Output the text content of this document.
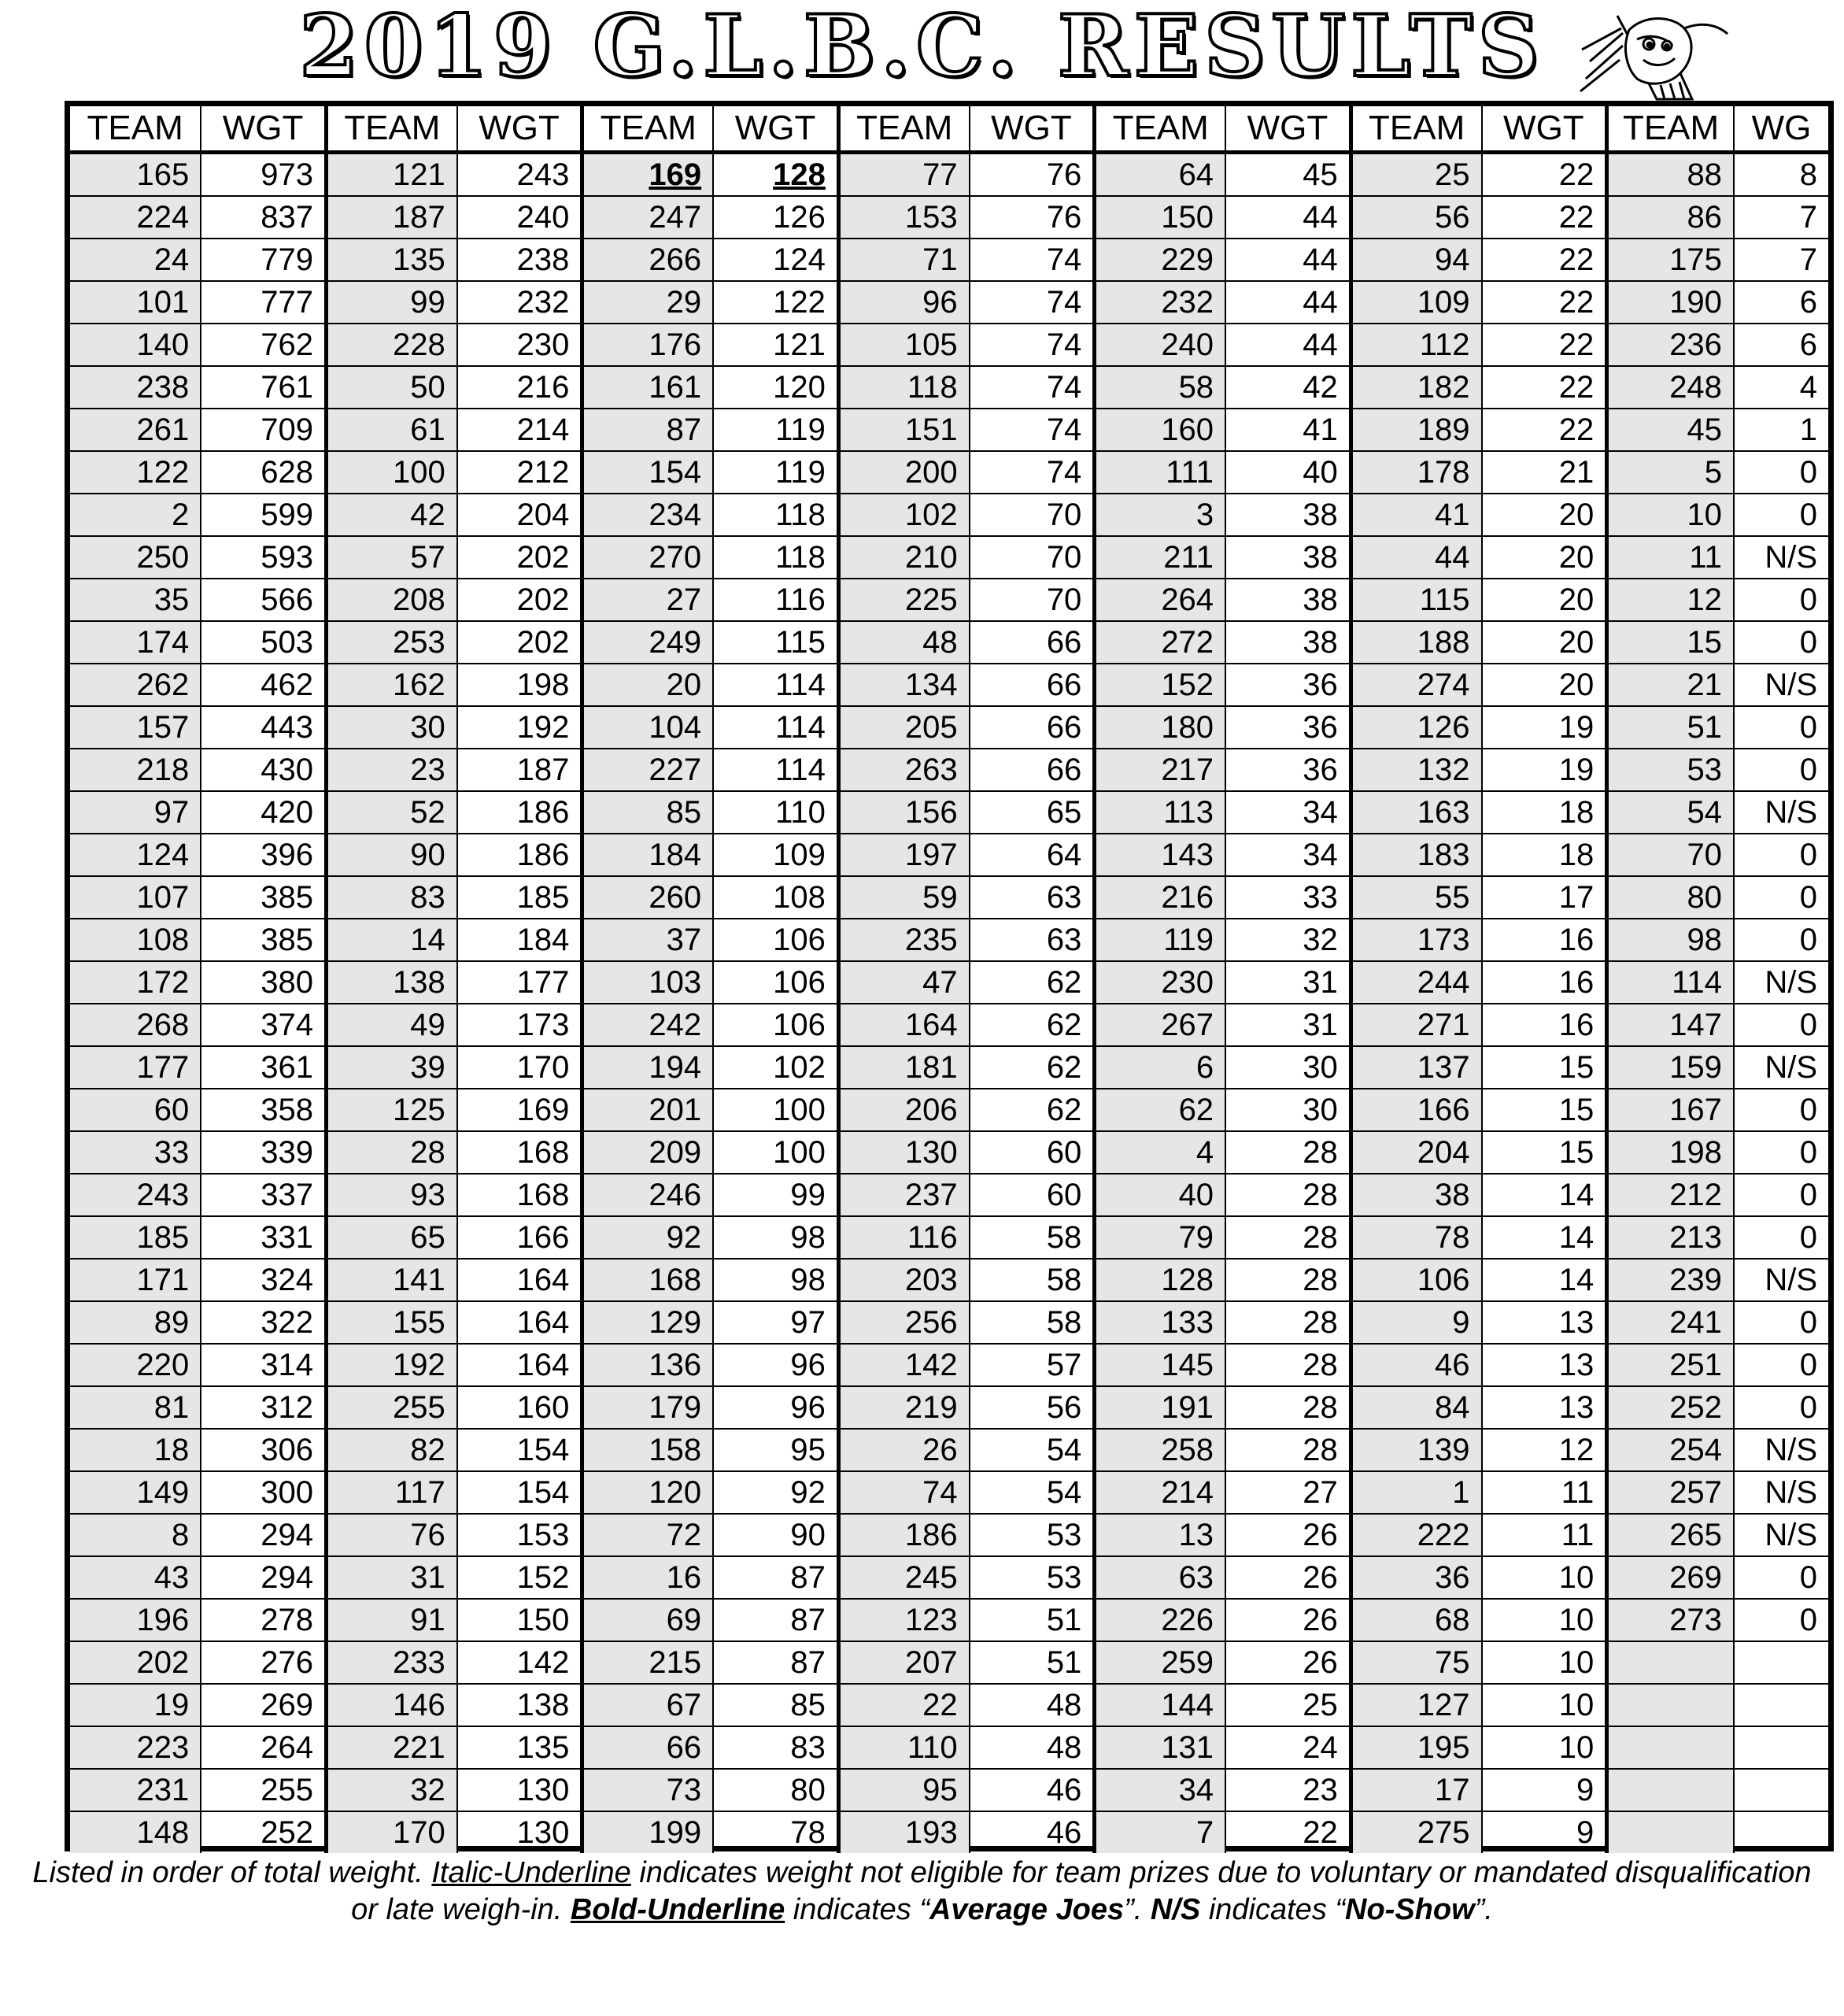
2019 G.L.B.C. RESULTS
TEAM	WGT	TEAM	WGT	TEAM	WGT	TEAM	WGT	TEAM	WGT	TEAM	WGT	TEAM	WG
165	973	121	243	169	128	77	76	64	45	25	22	88	8
224	837	187	240	247	126	153	76	150	44	56	22	86	7
24	779	135	238	266	124	71	74	229	44	94	22	175	7
101	777	99	232	29	122	96	74	232	44	109	22	190	6
140	762	228	230	176	121	105	74	240	44	112	22	236	6
238	761	50	216	161	120	118	74	58	42	182	22	248	4
261	709	61	214	87	119	151	74	160	41	189	22	45	1
122	628	100	212	154	119	200	74	111	40	178	21	5	0
2	599	42	204	234	118	102	70	3	38	41	20	10	0
250	593	57	202	270	118	210	70	211	38	44	20	11	N/S
35	566	208	202	27	116	225	70	264	38	115	20	12	0
174	503	253	202	249	115	48	66	272	38	188	20	15	0
262	462	162	198	20	114	134	66	152	36	274	20	21	N/S
157	443	30	192	104	114	205	66	180	36	126	19	51	0
218	430	23	187	227	114	263	66	217	36	132	19	53	0
97	420	52	186	85	110	156	65	113	34	163	18	54	N/S
124	396	90	186	184	109	197	64	143	34	183	18	70	0
107	385	83	185	260	108	59	63	216	33	55	17	80	0
108	385	14	184	37	106	235	63	119	32	173	16	98	0
172	380	138	177	103	106	47	62	230	31	244	16	114	N/S
268	374	49	173	242	106	164	62	267	31	271	16	147	0
177	361	39	170	194	102	181	62	6	30	137	15	159	N/S
60	358	125	169	201	100	206	62	62	30	166	15	167	0
33	339	28	168	209	100	130	60	4	28	204	15	198	0
243	337	93	168	246	99	237	60	40	28	38	14	212	0
185	331	65	166	92	98	116	58	79	28	78	14	213	0
171	324	141	164	168	98	203	58	128	28	106	14	239	N/S
89	322	155	164	129	97	256	58	133	28	9	13	241	0
220	314	192	164	136	96	142	57	145	28	46	13	251	0
81	312	255	160	179	96	219	56	191	28	84	13	252	0
18	306	82	154	158	95	26	54	258	28	139	12	254	N/S
149	300	117	154	120	92	74	54	214	27	1	11	257	N/S
8	294	76	153	72	90	186	53	13	26	222	11	265	N/S
43	294	31	152	16	87	245	53	63	26	36	10	269	0
196	278	91	150	69	87	123	51	226	26	68	10	273	0
202	276	233	142	215	87	207	51	259	26	75	10		
19	269	146	138	67	85	22	48	144	25	127	10		
223	264	221	135	66	83	110	48	131	24	195	10		
231	255	32	130	73	80	95	46	34	23	17	9		
148	252	170	130	199	78	193	46	7	22	275	9		
Listed in order of total weight. Italic-Underline indicates weight not eligible for team prizes due to voluntary or mandated disqualification or late weigh-in. Bold-Underline indicates “Average Joes”. N/S indicates “No-Show”.
